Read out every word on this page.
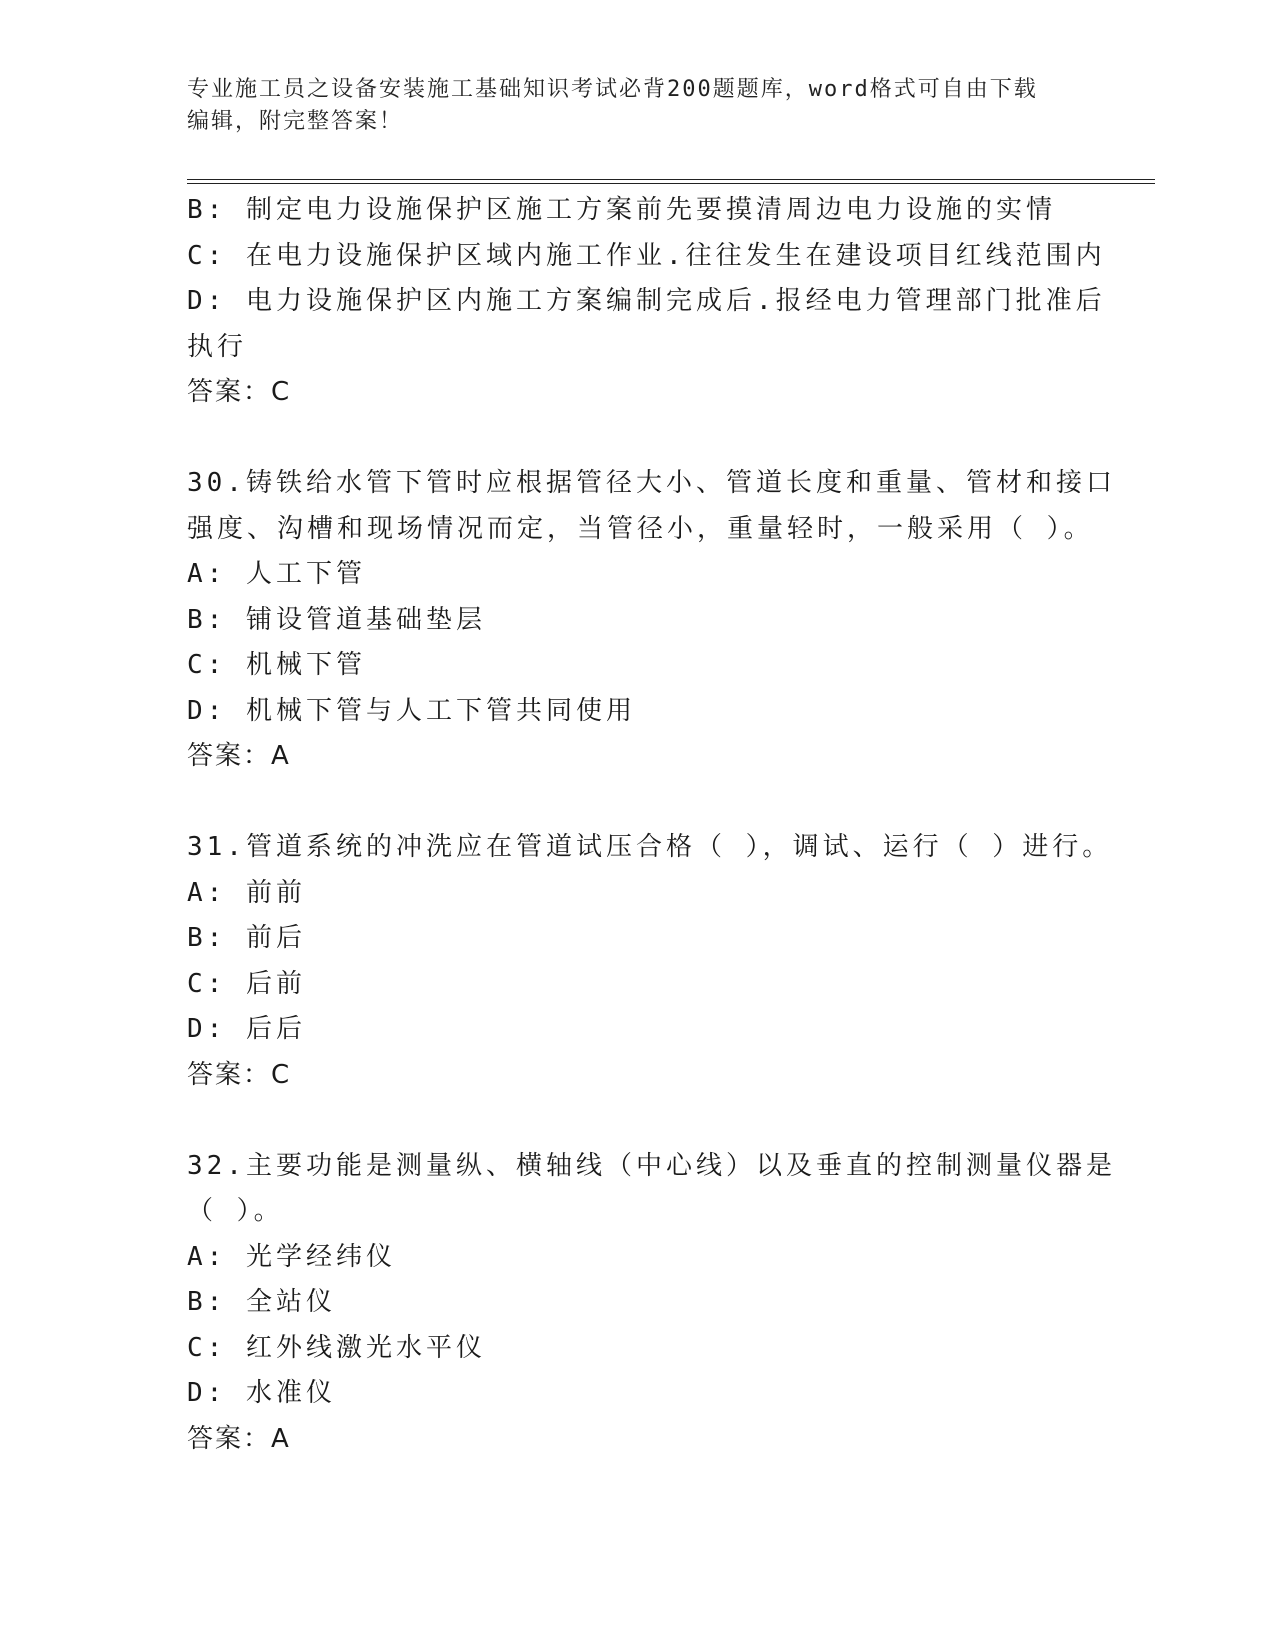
专业施工员之设备安装施工基础知识考试必背200题题库，word格式可自由下载
编辑，附完整答案！
B: 制定电力设施保护区施工方案前先要摸清周边电力设施的实情
C: 在电力设施保护区域内施工作业.往往发生在建设项目红线范围内
D: 电力设施保护区内施工方案编制完成后.报经电力管理部门批准后
执行
答案：C
30.铸铁给水管下管时应根据管径大小、管道长度和重量、管材和接口
强度、沟槽和现场情况而定，当管径小，重量轻时，一般采用（ ）。
A: 人工下管
B: 铺设管道基础垫层
C: 机械下管
D: 机械下管与人工下管共同使用
答案：A
31.管道系统的冲洗应在管道试压合格（ ），调试、运行（ ）进行。
A: 前前
B: 前后
C: 后前
D: 后后
答案：C
32.主要功能是测量纵、横轴线（中心线）以及垂直的控制测量仪器是
（ ）。
A: 光学经纬仪
B: 全站仪
C: 红外线激光水平仪
D: 水准仪
答案：A
